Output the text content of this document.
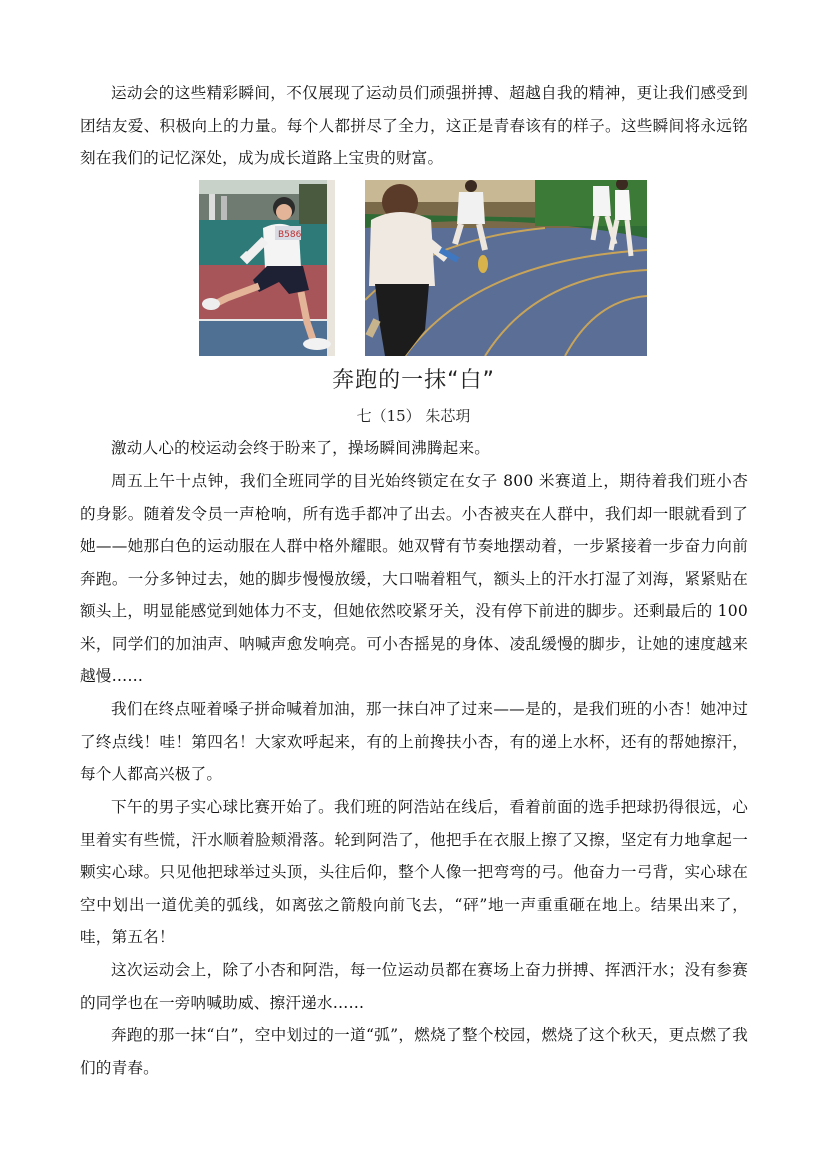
运动会的这些精彩瞬间，不仅展现了运动员们顽强拼搏、超越自我的精神，更让我们感受到团结友爱、积极向上的力量。每个人都拼尽了全力，这正是青春该有的样子。这些瞬间将永远铭刻在我们的记忆深处，成为成长道路上宝贵的财富。

B586
奔跑的一抹“白”
七（15） 朱芯玥

激动人心的校运动会终于盼来了，操场瞬间沸腾起来。

周五上午十点钟，我们全班同学的目光始终锁定在女子 800 米赛道上，期待着我们班小杏的身影。随着发令员一声枪响，所有选手都冲了出去。小杏被夹在人群中，我们却一眼就看到了她——她那白色的运动服在人群中格外耀眼。她双臂有节奏地摆动着，一步紧接着一步奋力向前奔跑。一分多钟过去，她的脚步慢慢放缓，大口喘着粗气，额头上的汗水打湿了刘海，紧紧贴在额头上，明显能感觉到她体力不支，但她依然咬紧牙关，没有停下前进的脚步。还剩最后的 100 米，同学们的加油声、呐喊声愈发响亮。可小杏摇晃的身体、凌乱缓慢的脚步，让她的速度越来越慢……

我们在终点哑着嗓子拼命喊着加油，那一抹白冲了过来——是的，是我们班的小杏！她冲过了终点线！哇！第四名！大家欢呼起来，有的上前搀扶小杏，有的递上水杯，还有的帮她擦汗，每个人都高兴极了。

下午的男子实心球比赛开始了。我们班的阿浩站在线后，看着前面的选手把球扔得很远，心里着实有些慌，汗水顺着脸颊滑落。轮到阿浩了，他把手在衣服上擦了又擦，坚定有力地拿起一颗实心球。只见他把球举过头顶，头往后仰，整个人像一把弯弯的弓。他奋力一弓背，实心球在空中划出一道优美的弧线，如离弦之箭般向前飞去，“砰”地一声重重砸在地上。结果出来了，哇，第五名！

这次运动会上，除了小杏和阿浩，每一位运动员都在赛场上奋力拼搏、挥洒汗水；没有参赛的同学也在一旁呐喊助威、擦汗递水……

奔跑的那一抹“白”，空中划过的一道“弧”，燃烧了整个校园，燃烧了这个秋天，更点燃了我们的青春。
